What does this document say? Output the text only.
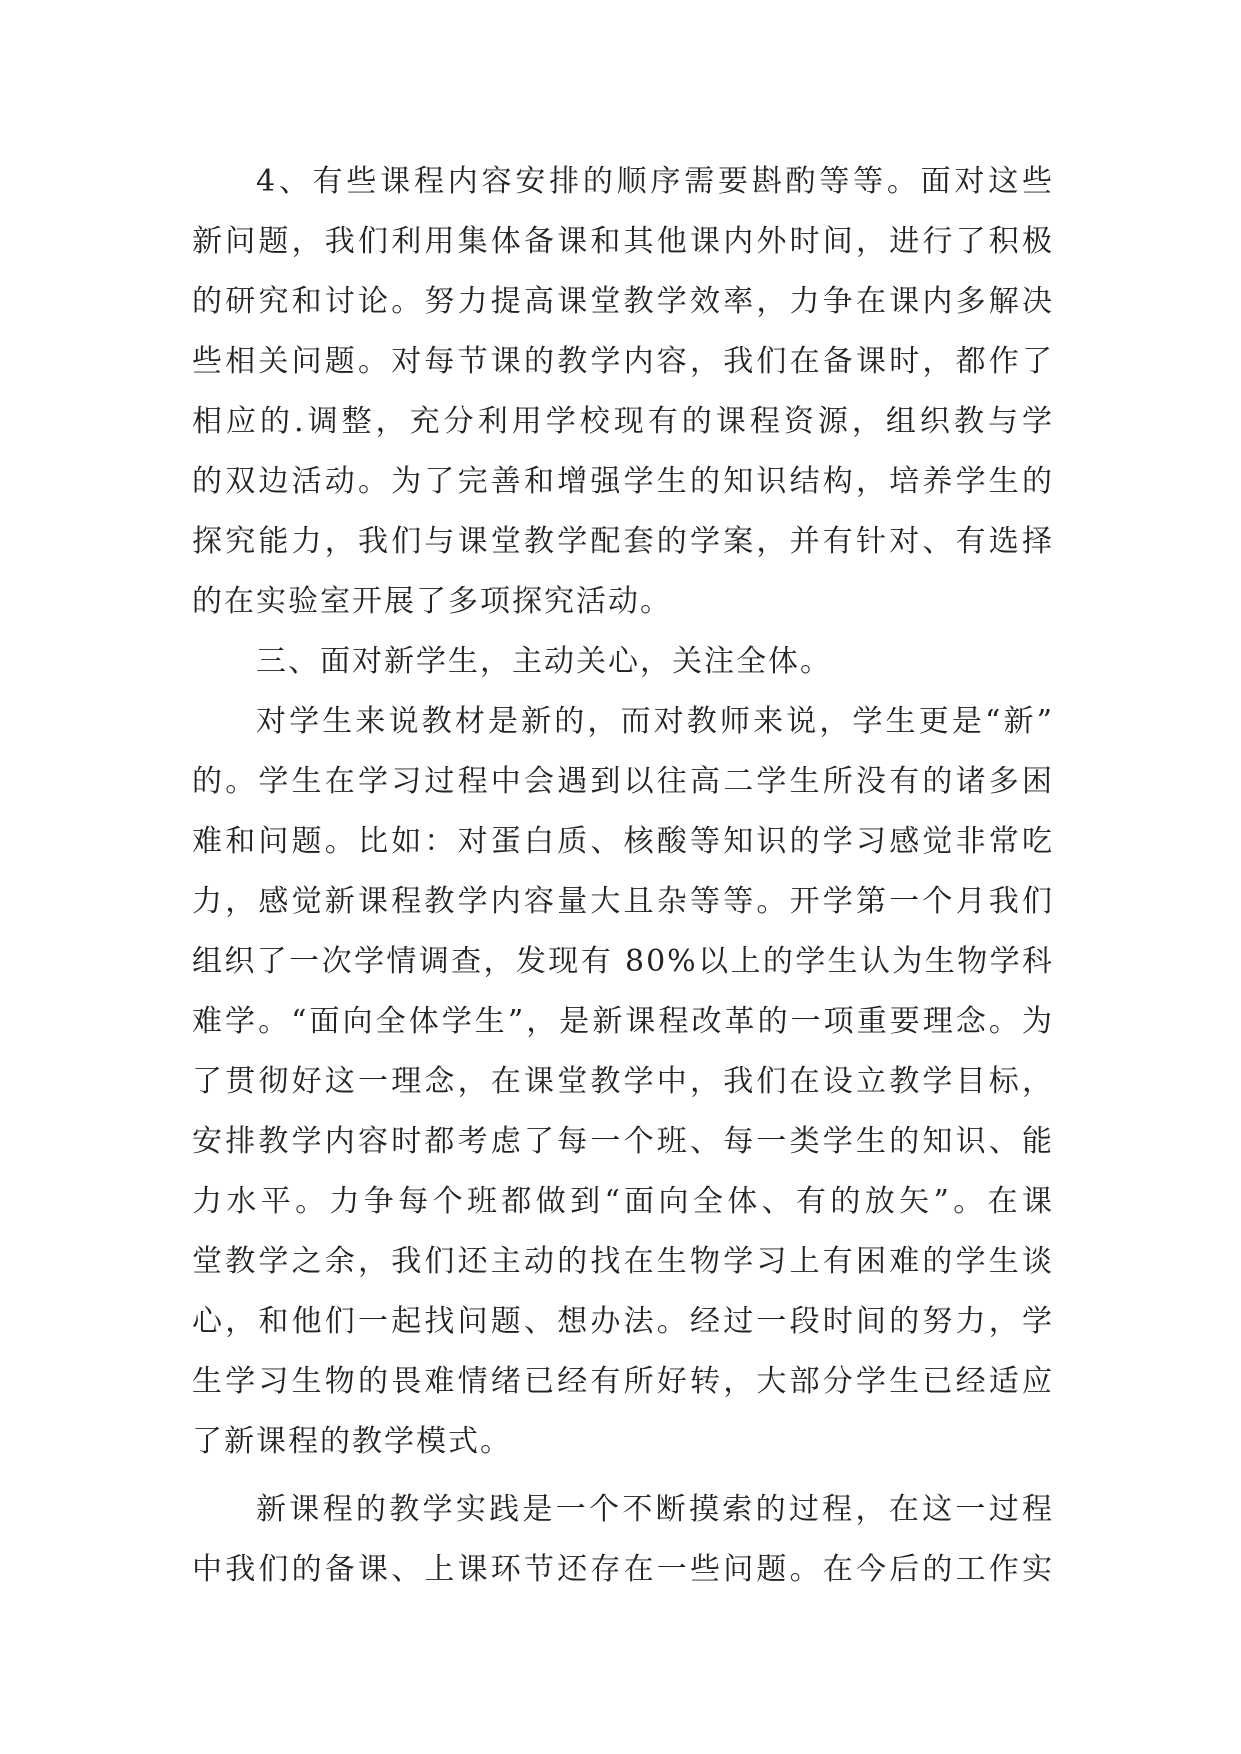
4、有些课程内容安排的顺序需要斟酌等等。面对这些
新问题，我们利用集体备课和其他课内外时间，进行了积极
的研究和讨论。努力提高课堂教学效率，力争在课内多解决
些相关问题。对每节课的教学内容，我们在备课时，都作了
相应的.调整，充分利用学校现有的课程资源，组织教与学
的双边活动。为了完善和增强学生的知识结构，培养学生的
探究能力，我们与课堂教学配套的学案，并有针对、有选择
的在实验室开展了多项探究活动。
三、面对新学生，主动关心，关注全体。
对学生来说教材是新的，而对教师来说，学生更是“新”
的。学生在学习过程中会遇到以往高二学生所没有的诸多困
难和问题。比如：对蛋白质、核酸等知识的学习感觉非常吃
力，感觉新课程教学内容量大且杂等等。开学第一个月我们
组织了一次学情调查，发现有 80%以上的学生认为生物学科
难学。“面向全体学生”，是新课程改革的一项重要理念。为
了贯彻好这一理念，在课堂教学中，我们在设立教学目标，
安排教学内容时都考虑了每一个班、每一类学生的知识、能
力水平。力争每个班都做到“面向全体、有的放矢”。在课
堂教学之余，我们还主动的找在生物学习上有困难的学生谈
心，和他们一起找问题、想办法。经过一段时间的努力，学
生学习生物的畏难情绪已经有所好转，大部分学生已经适应
了新课程的教学模式。
新课程的教学实践是一个不断摸索的过程，在这一过程
中我们的备课、上课环节还存在一些问题。在今后的工作实
